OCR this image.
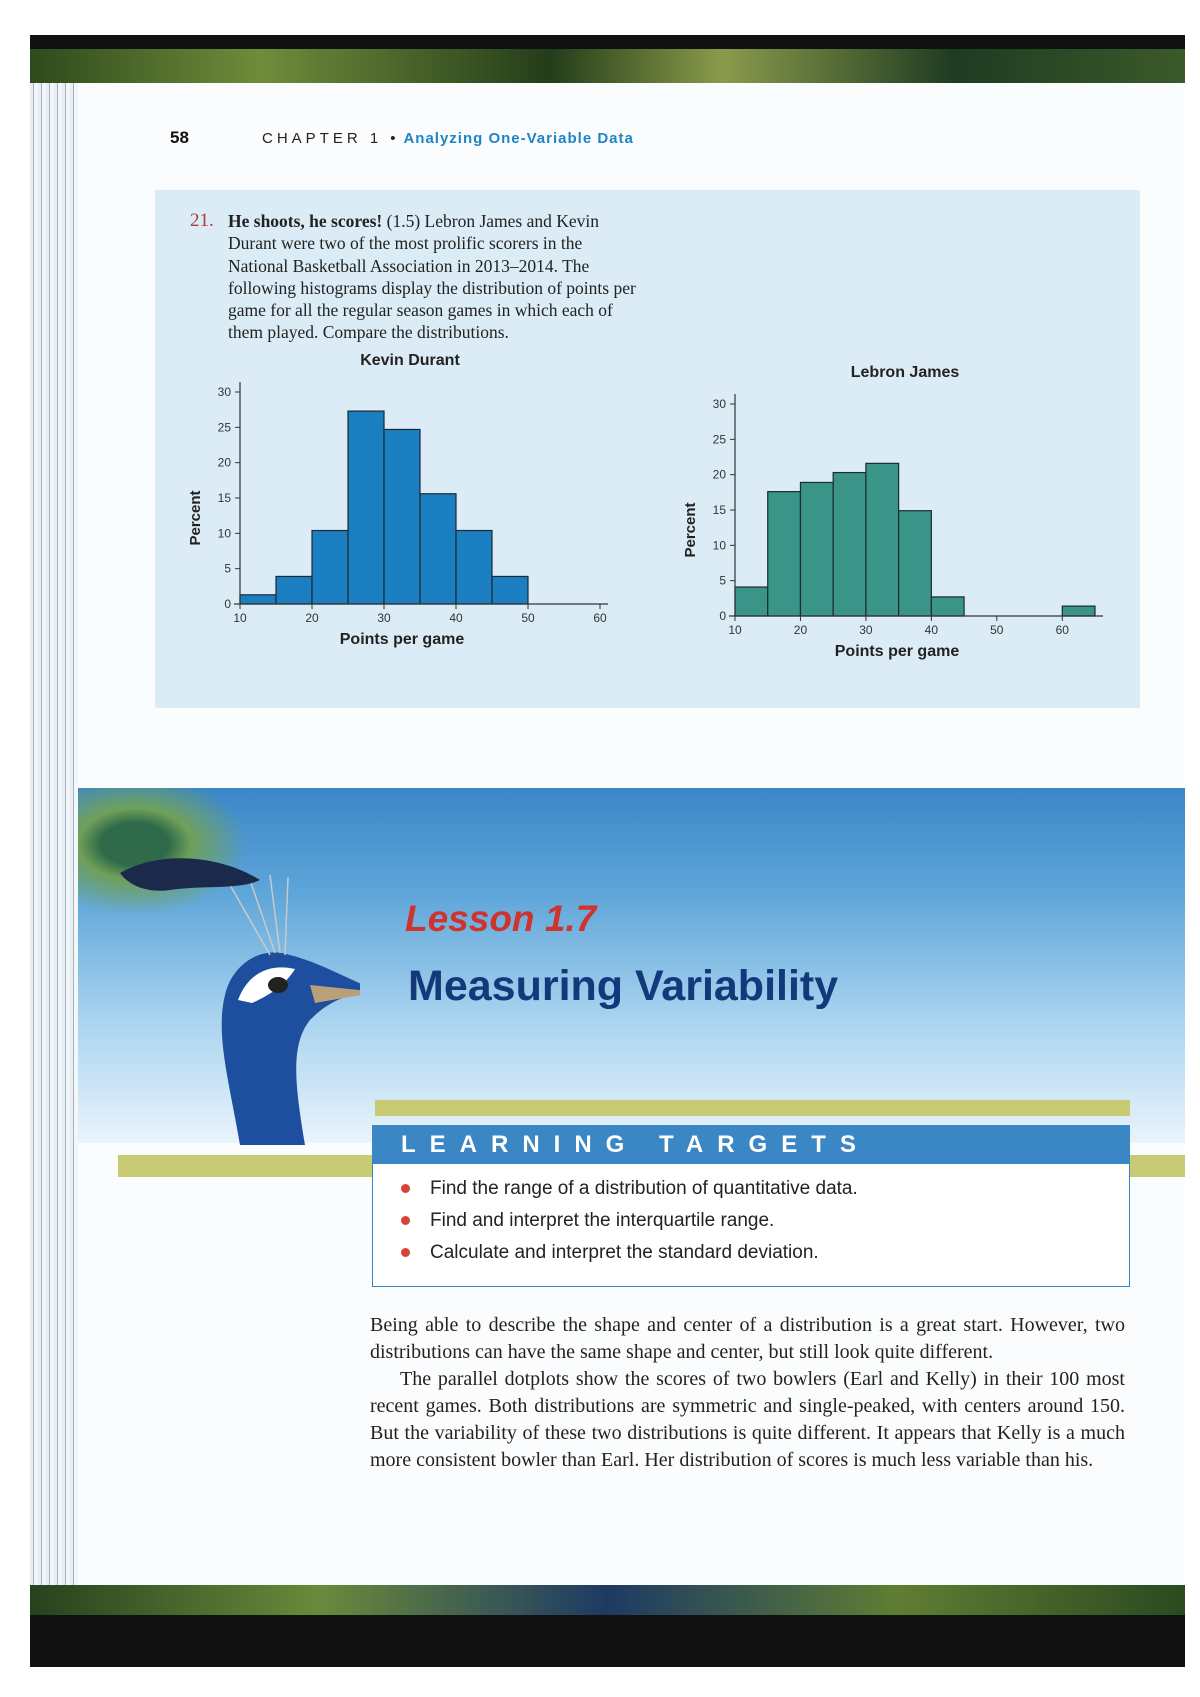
58	CHAPTER 1 • Analyzing One-Variable Data
21. He shoots, he scores! (1.5) Lebron James and Kevin Durant were two of the most prolific scorers in the National Basketball Association in 2013–2014. The following histograms display the distribution of points per game for all the regular season games in which each of them played. Compare the distributions.
Kevin Durant
0
5
10
15
20
25
30
10	20	30	40	50	60
Points per game
Percent
Lebron James
0
5
10
15
20
25
30
10	20	30	40	50	60
Points per game
Percent
Lesson 1.7
Measuring Variability
LEARNING TARGETS
Find the range of a distribution of quantitative data.
Find and interpret the interquartile range.
Calculate and interpret the standard deviation.

Being able to describe the shape and center of a distribution is a great start. However, two distributions can have the same shape and center, but still look quite different.

The parallel dotplots show the scores of two bowlers (Earl and Kelly) in their 100 most recent games. Both distributions are symmetric and single-peaked, with centers around 150. But the variability of these two distributions is quite different. It appears that Kelly is a much more consistent bowler than Earl. Her distribution of scores is much less variable than his.
